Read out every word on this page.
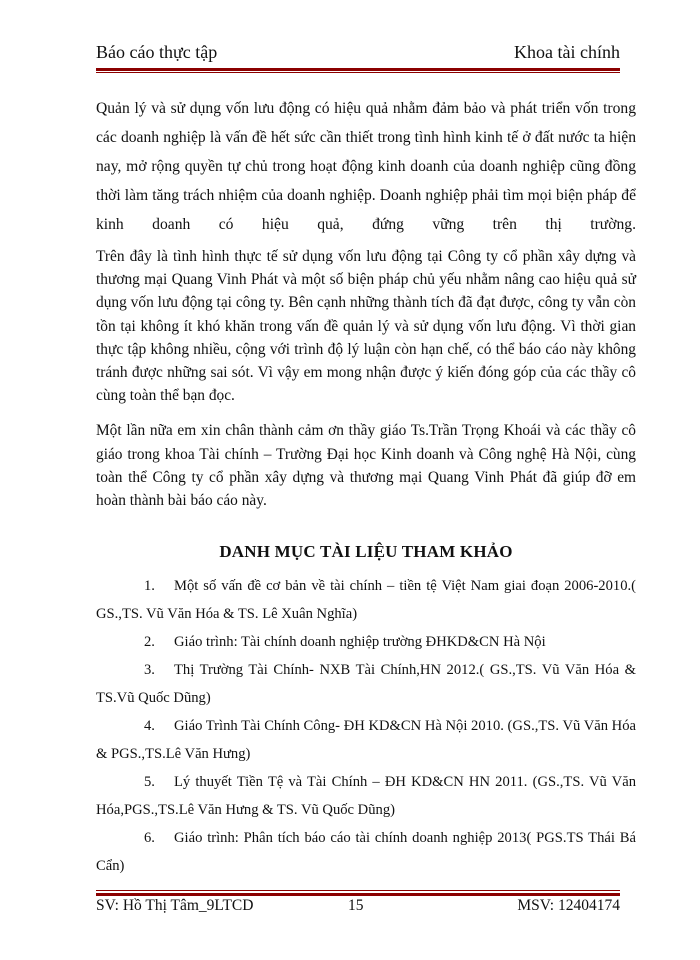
Báo cáo thực tập	Khoa tài chính

Quản lý và sử dụng vốn lưu động có hiệu quả nhằm đảm bảo và phát triển vốn trong các doanh nghiệp là vấn đề hết sức cần thiết trong tình hình kinh tế ở đất nước ta hiện nay, mở rộng quyền tự chủ trong hoạt động kinh doanh của doanh nghiệp cũng đồng thời làm tăng trách nhiệm của doanh nghiệp. Doanh nghiệp phải tìm mọi biện pháp để kinh doanh có hiệu quả, đứng vững trên thị trường.

Trên đây là tình hình thực tế sử dụng vốn lưu động tại Công ty cổ phần xây dựng và thương mại Quang Vinh Phát và một số biện pháp chủ yếu nhằm nâng cao hiệu quả sử dụng vốn lưu động tại công ty. Bên cạnh những thành tích đã đạt được, công ty vẫn còn tồn tại không ít khó khăn trong vấn đề quản lý và sử dụng vốn lưu động. Vì thời gian thực tập không nhiều, cộng với trình độ lý luận còn hạn chế, có thể báo cáo này không tránh được những sai sót. Vì vậy em mong nhận được ý kiến đóng góp của các thầy cô cùng toàn thể bạn đọc.

Một lần nữa em xin chân thành cảm ơn thầy giáo Ts.Trần Trọng Khoái và các thầy cô giáo trong khoa Tài chính – Trường Đại học Kinh doanh và Công nghệ Hà Nội, cùng toàn thể Công ty cổ phần xây dựng và thương mại Quang Vinh Phát đã giúp đỡ em hoàn thành bài báo cáo này.

DANH MỤC TÀI LIỆU THAM KHẢO

1. Một số vấn đề cơ bản về tài chính – tiền tệ Việt Nam giai đoạn 2006-2010.( GS.,TS. Vũ Văn Hóa & TS. Lê Xuân Nghĩa)

2. Giáo trình: Tài chính doanh nghiệp trường ĐHKD&CN Hà Nội

3. Thị Trường Tài Chính- NXB Tài Chính,HN 2012.( GS.,TS. Vũ Văn Hóa & TS.Vũ Quốc Dũng)

4. Giáo Trình Tài Chính Công- ĐH KD&CN Hà Nội 2010. (GS.,TS. Vũ Văn Hóa & PGS.,TS.Lê Văn Hưng)

5. Lý thuyết Tiền Tệ và Tài Chính – ĐH KD&CN HN 2011. (GS.,TS. Vũ Văn Hóa,PGS.,TS.Lê Văn Hưng & TS. Vũ Quốc Dũng)

6. Giáo trình: Phân tích báo cáo tài chính doanh nghiệp 2013( PGS.TS Thái Bá Cẩn)

SV: Hồ Thị Tâm_9LTCD	15	MSV: 12404174
